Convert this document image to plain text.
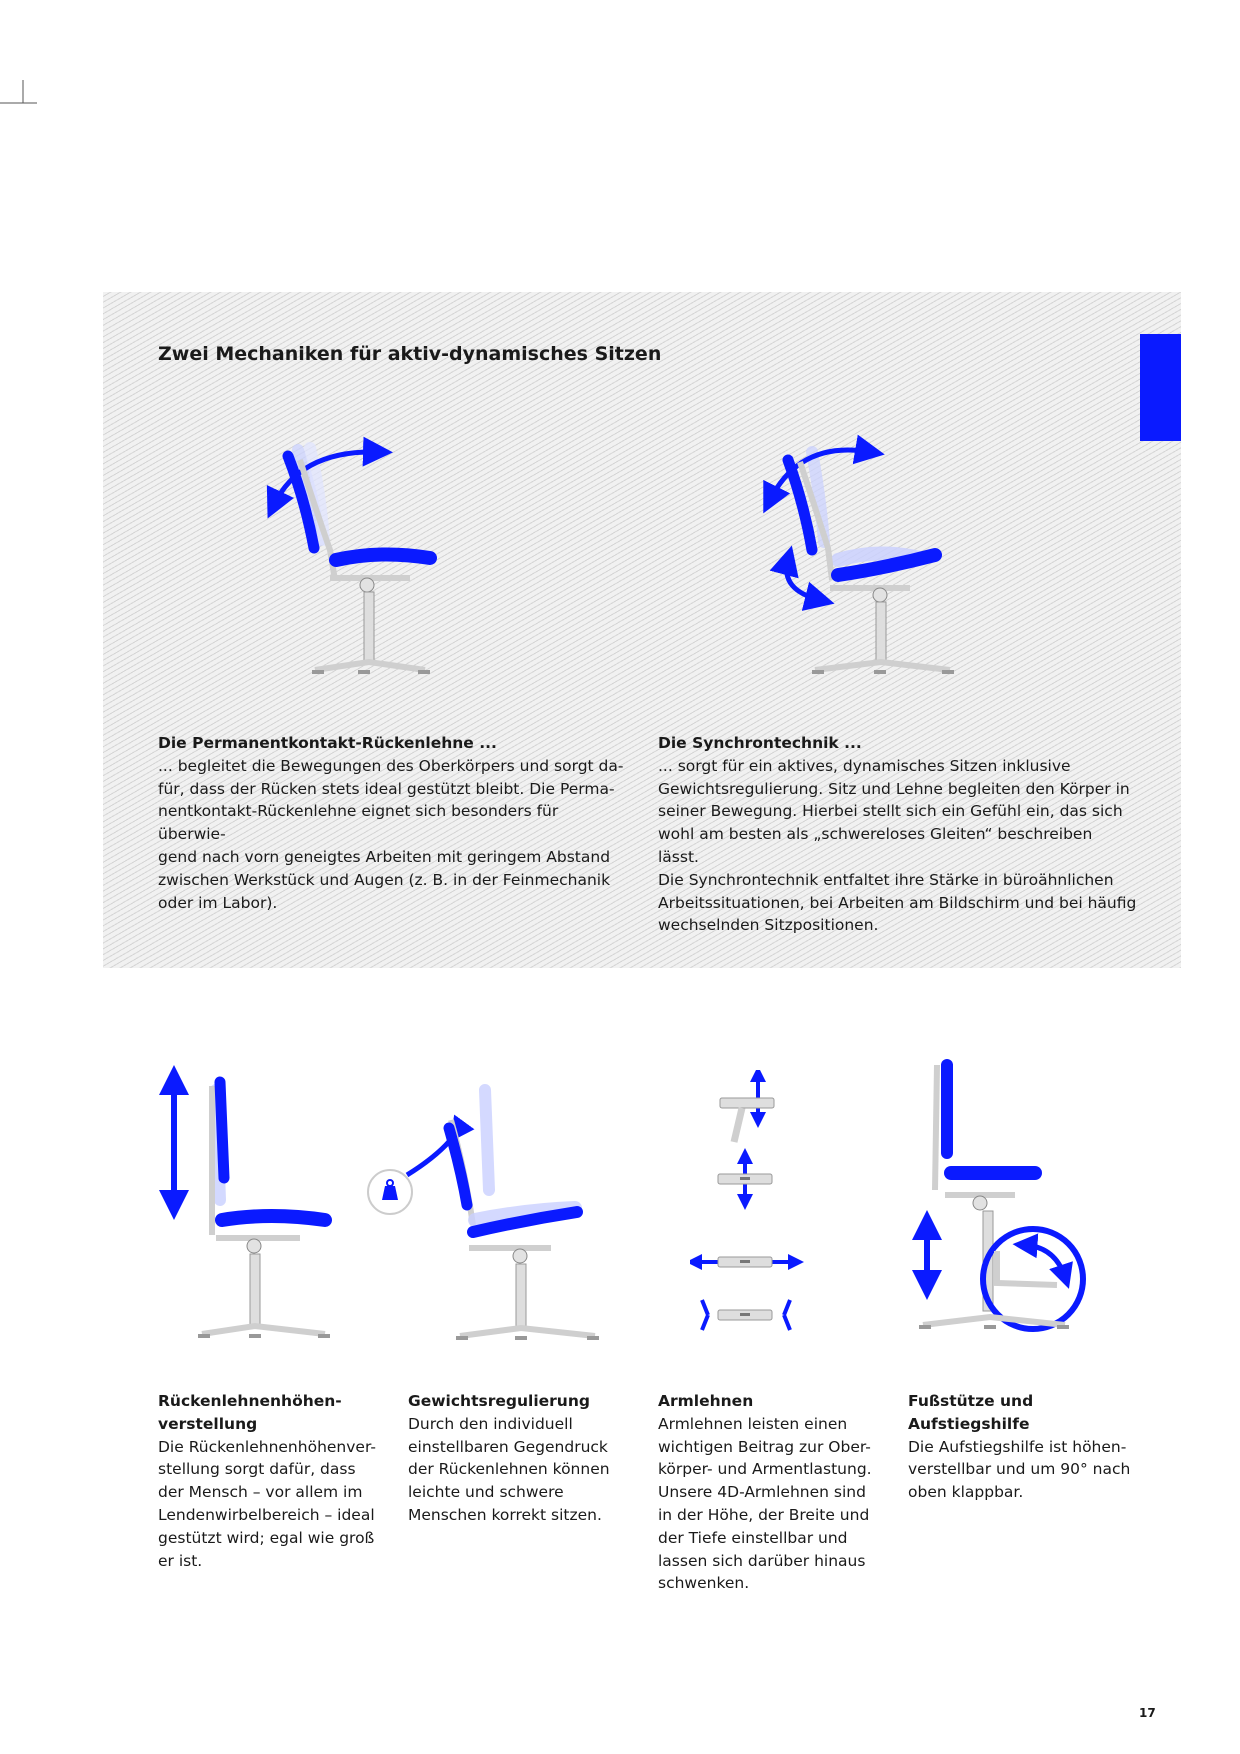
Zwei Mechaniken für aktiv-dynamisches Sitzen
Die Permanentkontakt-Rückenlehne ...

... begleitet die Bewegungen des Oberkörpers und sorgt da-

für, dass der Rücken stets ideal gestützt bleibt. Die Perma-

nentkontakt-Rückenlehne eignet sich besonders für überwie-

gend nach vorn geneigtes Arbeiten mit geringem Abstand

zwischen Werkstück und Augen (z. B. in der Feinmechanik

oder im Labor).

Die Synchrontechnik ...

... sorgt für ein aktives, dynamisches Sitzen inklusive

Gewichtsregulierung. Sitz und Lehne begleiten den Körper in

seiner Bewegung. Hierbei stellt sich ein Gefühl ein, das sich

wohl am besten als „schwereloses Gleiten“ beschreiben lässt.

Die Synchrontechnik entfaltet ihre Stärke in büroähnlichen

Arbeitssituationen, bei Arbeiten am Bildschirm und bei häufig

wechselnden Sitzpositionen.

Rückenlehnenhöhen-
verstellung

Die Rückenlehnenhöhenver-

stellung sorgt dafür, dass

der Mensch – vor allem im

Lendenwirbelbereich – ideal

gestützt wird; egal wie groß

er ist.

Gewichtsregulierung

Durch den individuell

einstellbaren Gegendruck

der Rückenlehnen können

leichte und schwere

Menschen korrekt sitzen.

Armlehnen

Armlehnen leisten einen

wichtigen Beitrag zur Ober-

körper- und Armentlastung.

Unsere 4D-Armlehnen sind

in der Höhe, der Breite und

der Tiefe einstellbar und

lassen sich darüber hinaus

schwenken.

Fußstütze und
Aufstiegshilfe

Die Aufstiegshilfe ist höhen-

verstellbar und um 90° nach

oben klappbar.

17
